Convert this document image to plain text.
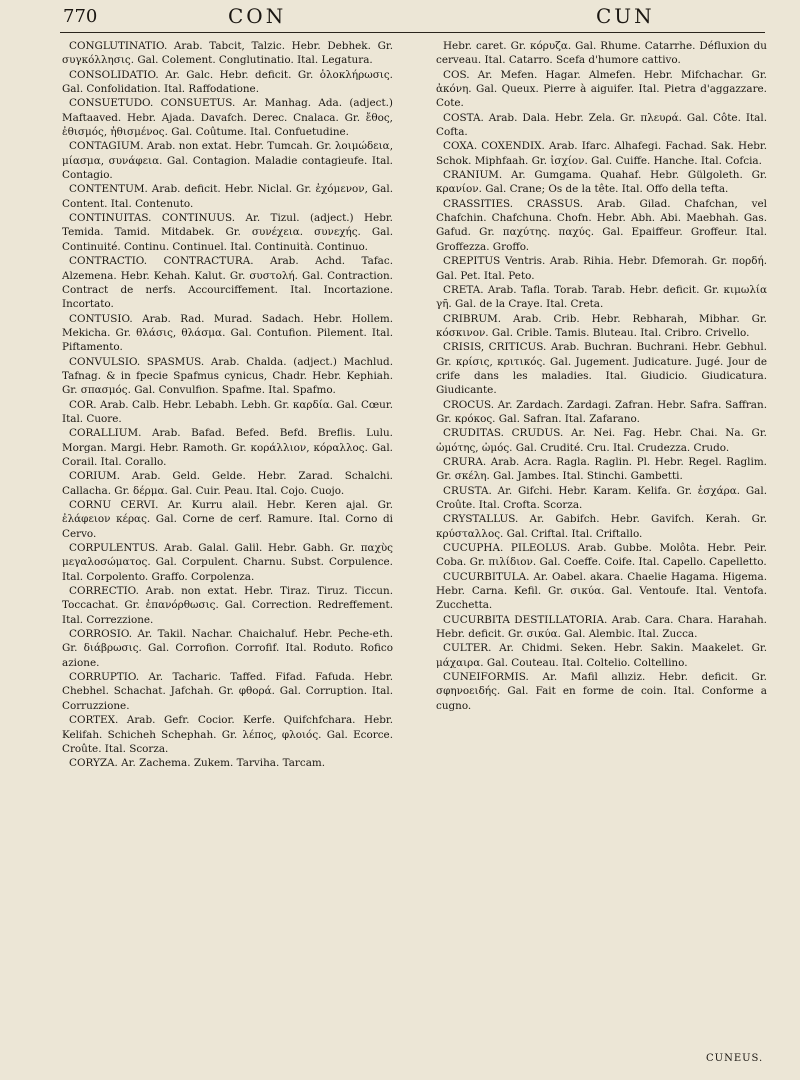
770	CON	CUN

CONGLUTINATIO. Arab. Tabcit, Talzic. Hebr. Debhek. Gr. συγκόλλησις. Gal. Colement. Conglutinatio. Ital. Legatura.

CONSOLIDATIO. Ar. Galc. Hebr. deficit. Gr. ὁλοκλήρωσις. Gal. Confolidation. Ital. Raffodatione.

CONSUETUDO. CONSUETUS. Ar. Manhag. Ada. (adject.) Maftaaved. Hebr. Ajada. Davafch. Derec. Cnalaca. Gr. ἔθος, ἐθισμός, ἠθισμένος. Gal. Coûtume. Ital. Confuetudine.

CONTAGIUM. Arab. non extat. Hebr. Tumcah. Gr. λοιμώδεια, μίασμα, συνάφεια. Gal. Contagion. Maladie contagieufe. Ital. Contagio.

CONTENTUM. Arab. deficit. Hebr. Niclal. Gr. ἐχόμενον, Gal. Content. Ital. Contenuto.

CONTINUITAS. CONTINUUS. Ar. Tizul. (adject.) Hebr. Temida. Tamid. Mitdabek. Gr. συνέχεια. συνεχής. Gal. Continuité. Continu. Continuel. Ital. Continuità. Continuo.

CONTRACTIO. CONTRACTURA. Arab. Achd. Tafac. Alzemena. Hebr. Kehah. Kalut. Gr. συστολή. Gal. Contraction. Contract de nerfs. Accourciffement. Ital. Incortazione. Incortato.

CONTUSIO. Arab. Rad. Murad. Sadach. Hebr. Hollem. Mekicha. Gr. θλάσις, θλάσμα. Gal. Contufion. Pilement. Ital. Piftamento.

CONVULSIO. SPASMUS. Arab. Chalda. (adject.) Machlud. Tafnag. & in fpecie Spafmus cynicus, Chadr. Hebr. Kephiah. Gr. σπασμός. Gal. Convulfion. Spafme. Ital. Spafmo.

COR. Arab. Calb. Hebr. Lebabh. Lebh. Gr. καρδία. Gal. Cœur. Ital. Cuore.

CORALLIUM. Arab. Bafad. Befed. Befd. Breflis. Lulu. Morgan. Margi. Hebr. Ramoth. Gr. κοράλλιον, κόραλλος. Gal. Corail. Ital. Corallo.

CORIUM. Arab. Geld. Gelde. Hebr. Zarad. Schalchi. Callacha. Gr. δέρμα. Gal. Cuir. Peau. Ital. Cojo. Cuojo.

CORNU CERVI. Ar. Kurru alail. Hebr. Keren ajal. Gr. ἐλάφειον κέρας. Gal. Corne de cerf. Ramure. Ital. Corno di Cervo.

CORPULENTUS. Arab. Galal. Galil. Hebr. Gabh. Gr. παχὺς μεγαλοσώματος. Gal. Corpulent. Charnu. Subst. Corpulence. Ital. Corpolento. Graffo. Corpolenza.

CORRECTIO. Arab. non extat. Hebr. Tiraz. Tiruz. Ticcun. Toccachat. Gr. ἐπανόρθωσις. Gal. Correction. Redreffement. Ital. Correzzione.

CORROSIO. Ar. Takil. Nachar. Chaichaluf. Hebr. Peche-eth. Gr. διάβρωσις. Gal. Corrofion. Corrofif. Ital. Roduto. Rofico azione.

CORRUPTIO. Ar. Tacharic. Taffed. Fifad. Fafuda. Hebr. Chebhel. Schachat. Jafchah. Gr. φθορά. Gal. Corruption. Ital. Corruzzione.

CORTEX. Arab. Gefr. Cocior. Kerfe. Quifchfchara. Hebr. Kelifah. Schicheh Schephah. Gr. λέπος, φλοιός. Gal. Ecorce. Croûte. Ital. Scorza.

CORYZA. Ar. Zachema. Zukem. Tarviha. Tarcam.

Hebr. caret. Gr. κόρυζα. Gal. Rhume. Catarrhe. Défluxion du cerveau. Ital. Catarro. Scefa d'humore cattivo.

COS. Ar. Mefen. Hagar. Almefen. Hebr. Mifchachar. Gr. ἀκόνη. Gal. Queux. Pierre à aiguifer. Ital. Pietra d'aggazzare. Cote.

COSTA. Arab. Dala. Hebr. Zela. Gr. πλευρά. Gal. Côte. Ital. Cofta.

COXA. COXENDIX. Arab. Ifarc. Alhafegi. Fachad. Sak. Hebr. Schok. Miphfaah. Gr. ἰσχίον. Gal. Cuiffe. Hanche. Ital. Cofcia.

CRANIUM. Ar. Gumgama. Quahaf. Hebr. Gülgoleth. Gr. κρανίον. Gal. Crane; Os de la tête. Ital. Offo della tefta.

CRASSITIES. CRASSUS. Arab. Gilad. Chafchan, vel Chafchin. Chafchuna. Chofn. Hebr. Abh. Abi. Maebhah. Gas. Gafud. Gr. παχύτης. παχύς. Gal. Epaiffeur. Groffeur. Ital. Groffezza. Groffo.

CREPITUS Ventris. Arab. Rihia. Hebr. Dfemorah. Gr. πορδή. Gal. Pet. Ital. Peto.

CRETA. Arab. Tafla. Torab. Tarab. Hebr. deficit. Gr. κιμωλία γῆ. Gal. de la Craye. Ital. Creta.

CRIBRUM. Arab. Crib. Hebr. Rebharah, Mibhar. Gr. κόσκινον. Gal. Crible. Tamis. Bluteau. Ital. Cribro. Crivello.

CRISIS, CRITICUS. Arab. Buchran. Buchrani. Hebr. Gebhul. Gr. κρίσις, κριτικός. Gal. Jugement. Judicature. Jugé. Jour de crife dans les maladies. Ital. Giudicio. Giudicatura. Giudicante.

CROCUS. Ar. Zardach. Zardagi. Zafran. Hebr. Safra. Saffran. Gr. κρόκος. Gal. Safran. Ital. Zafarano.

CRUDITAS. CRUDUS. Ar. Nei. Fag. Hebr. Chai. Na. Gr. ὠμότης, ὠμός. Gal. Crudité. Cru. Ital. Crudezza. Crudo.

CRURA. Arab. Acra. Ragla. Raglin. Pl. Hebr. Regel. Raglim. Gr. σκέλη. Gal. Jambes. Ital. Stinchi. Gambetti.

CRUSTA. Ar. Gifchi. Hebr. Karam. Kelifa. Gr. ἐσχάρα. Gal. Croûte. Ital. Crofta. Scorza.

CRYSTALLUS. Ar. Gabifch. Hebr. Gavifch. Kerah. Gr. κρύσταλλος. Gal. Criftal. Ital. Criftallo.

CUCUPHA. PILEOLUS. Arab. Gubbe. Molôta. Hebr. Peir. Coba. Gr. πιλίδιον. Gal. Coeffe. Coife. Ital. Capello. Capelletto.

CUCURBITULA. Ar. Oabel. akara. Chaelie Hagama. Higema. Hebr. Carna. Kefil. Gr. σικύα. Gal. Ventoufe. Ital. Ventofa. Zucchetta.

CUCURBITA DESTILLATORIA. Arab. Cara. Chara. Harahah. Hebr. deficit. Gr. σικύα. Gal. Alembic. Ital. Zucca.

CULTER. Ar. Chidmi. Seken. Hebr. Sakin. Maakelet. Gr. μάχαιρα. Gal. Couteau. Ital. Coltelio. Coltellino.

CUNEIFORMIS. Ar. Mafil allıziz. Hebr. deficit. Gr. σφηνοειδής. Gal. Fait en forme de coin. Ital. Conforme a cugno.

CUNEUS.
